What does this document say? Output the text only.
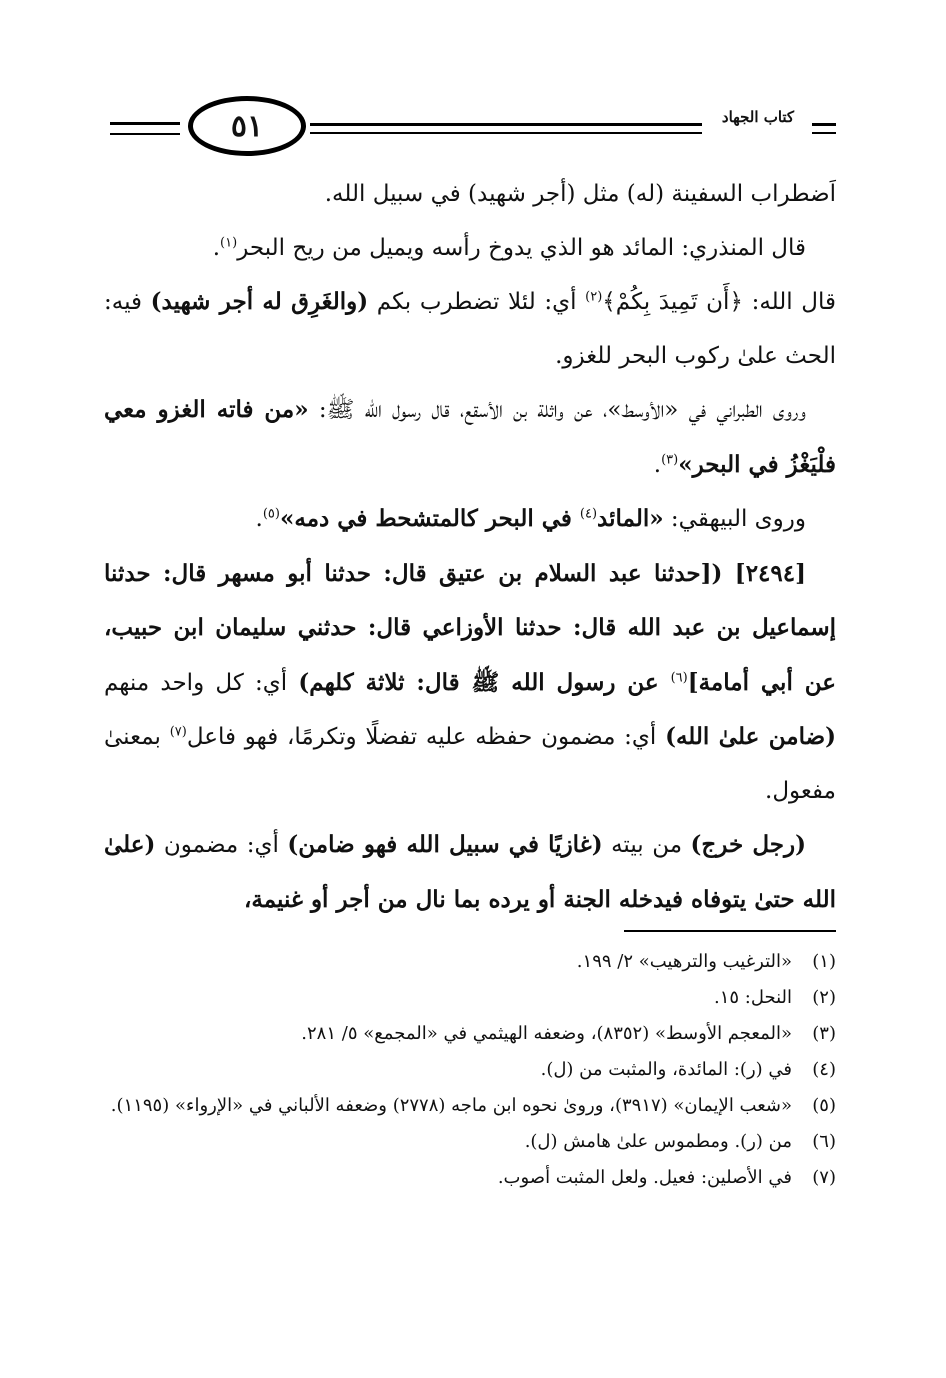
٥١	كتاب الجهاد

اَضطراب السفينة (له) مثل (أجر شهيد) في سبيل الله.

قال المنذري: المائد هو الذي يدوخ رأسه ويميل من ريح البحر$^{(١)}$.

قال الله: ﴿أَن تَمِيدَ بِكُمْ﴾$^{(٢)}$ أي: لئلا تضطرب بكم (والغَرِق له أجر شهيد) فيه: الحث علىٰ ركوب البحر للغزو.

وروى الطبراني في «الأوسط»، عن واثلة بن الأسقع، قال رسول الله ﷺ: «من فاته الغزو معي فلْيَغْزُ في البحر»$^{(٣)}$.

وروى البيهقي: «المائد$^{(٤)}$ في البحر كالمتشحط في دمه»$^{(٥)}$.

[٢٤٩٤] ([حدثنا عبد السلام بن عتيق قال: حدثنا أبو مسهر قال: حدثنا إسماعيل بن عبد الله قال: حدثنا الأوزاعي قال: حدثني سليمان ابن حبيب، عن أبي أمامة]$^{(٦)}$ عن رسول الله ﷺ قال: ثلاثة كلهم) أي: كل واحد منهم (ضامن علىٰ الله) أي: مضمون حفظه عليه تفضلًا وتكرمًا، فهو فاعل$^{(٧)}$ بمعنىٰ مفعول.

(رجل خرج) من بيته (غازيًا في سبيل الله فهو ضامن) أي: مضمون (علىٰ الله حتىٰ يتوفاه فيدخله الجنة أو يرده بما نال من أجر أو غنيمة،

(١)
«الترغيب والترهيب» ٢/ ١٩٩.
(٢)
النحل: ١٥.
(٣)
«المعجم الأوسط» (٨٣٥٢)، وضعفه الهيثمي في «المجمع» ٥/ ٢٨١.
(٤)
في (ر): المائدة، والمثبت من (ل).
(٥)
«شعب الإيمان» (٣٩١٧)، ورویٰ نحوه ابن ماجه (٢٧٧٨) وضعفه الألباني في «الإرواء» (١١٩٥).
(٦)
من (ر). ومطموس علىٰ هامش (ل).
(٧)
في الأصلين: فعيل. ولعل المثبت أصوب.
